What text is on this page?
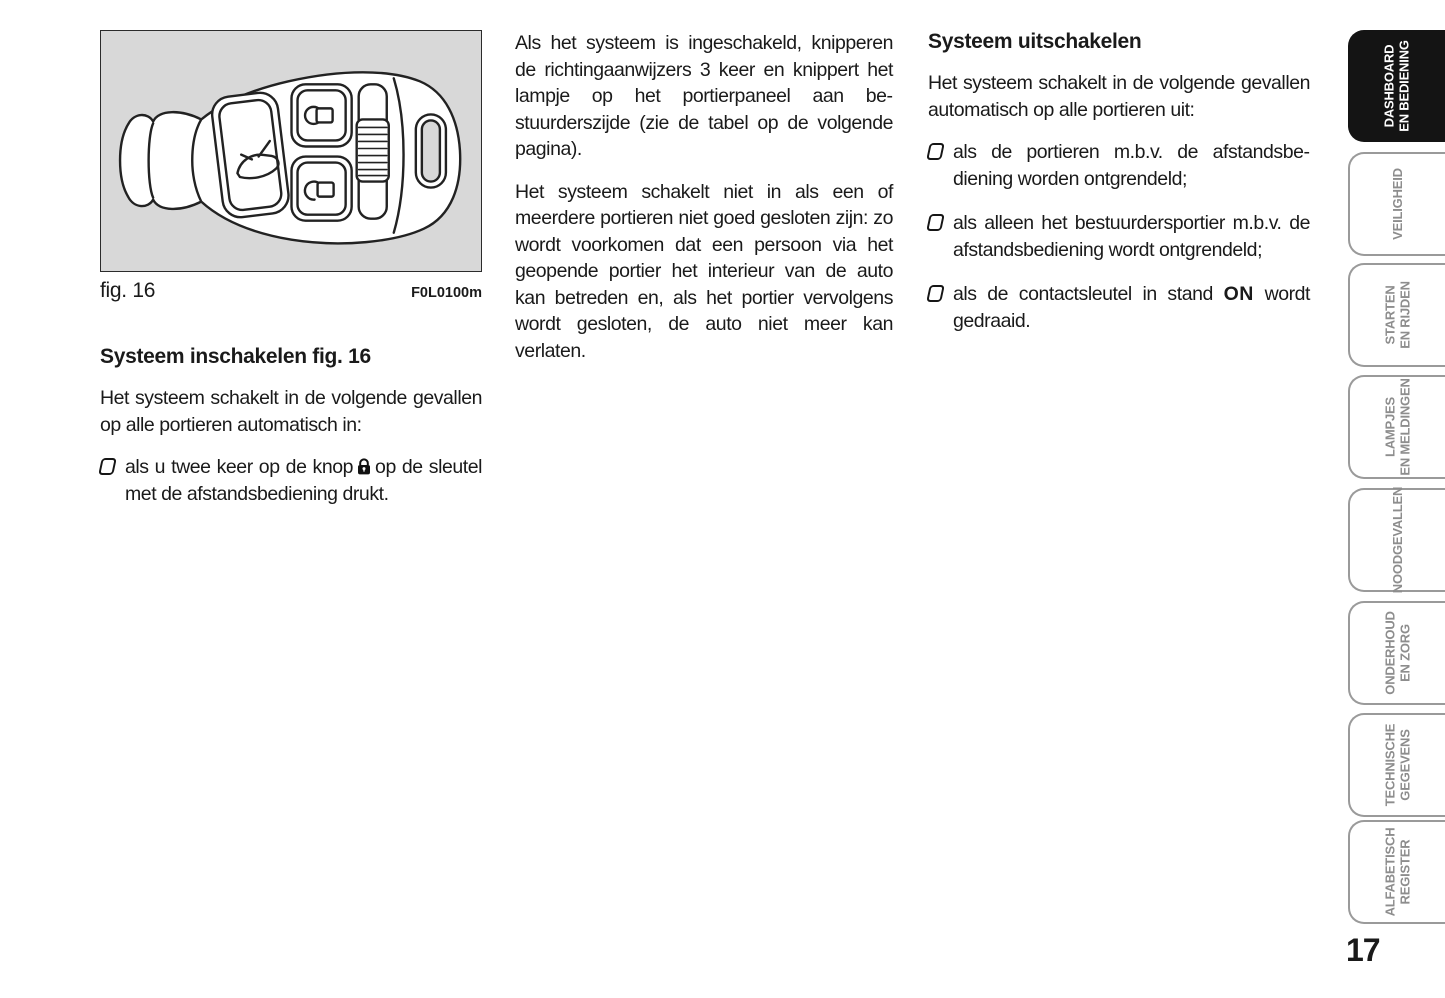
fig. 16	F0L0100m
Systeem inschakelen fig. 16

Het systeem schakelt in de volgende gevallen op alle portieren automatisch in:

als u twee keer op de knop op de sleutel met de afstandsbediening drukt.

Als het systeem is ingeschakeld, knipperen de richtingaanwijzers 3 keer en knippert het lampje op het portierpaneel aan bestuurderszijde (zie de tabel op de volgende pagina).

Het systeem schakelt niet in als een of meerdere portieren niet goed gesloten zijn: zo wordt voorkomen dat een persoon via het geopende portier het interieur van de auto kan betreden en, als het portier vervolgens wordt gesloten, de auto niet meer kan verlaten.

Systeem uitschakelen

Het systeem schakelt in de volgende gevallen automatisch op alle portieren uit:

als de portieren m.b.v. de afstandsbediening worden ontgrendeld;

als alleen het bestuurdersportier m.b.v. de afstandsbediening wordt ontgrendeld;

als de contactsleutel in stand ON wordt gedraaid.

DASHBOARD EN BEDIENING
VEILIGHEID
STARTEN EN RIJDEN
LAMPJES EN MELDINGEN
NOODGEVALLEN
ONDERHOUD EN ZORG
TECHNISCHE GEGEVENS
ALFABETISCH REGISTER
17
